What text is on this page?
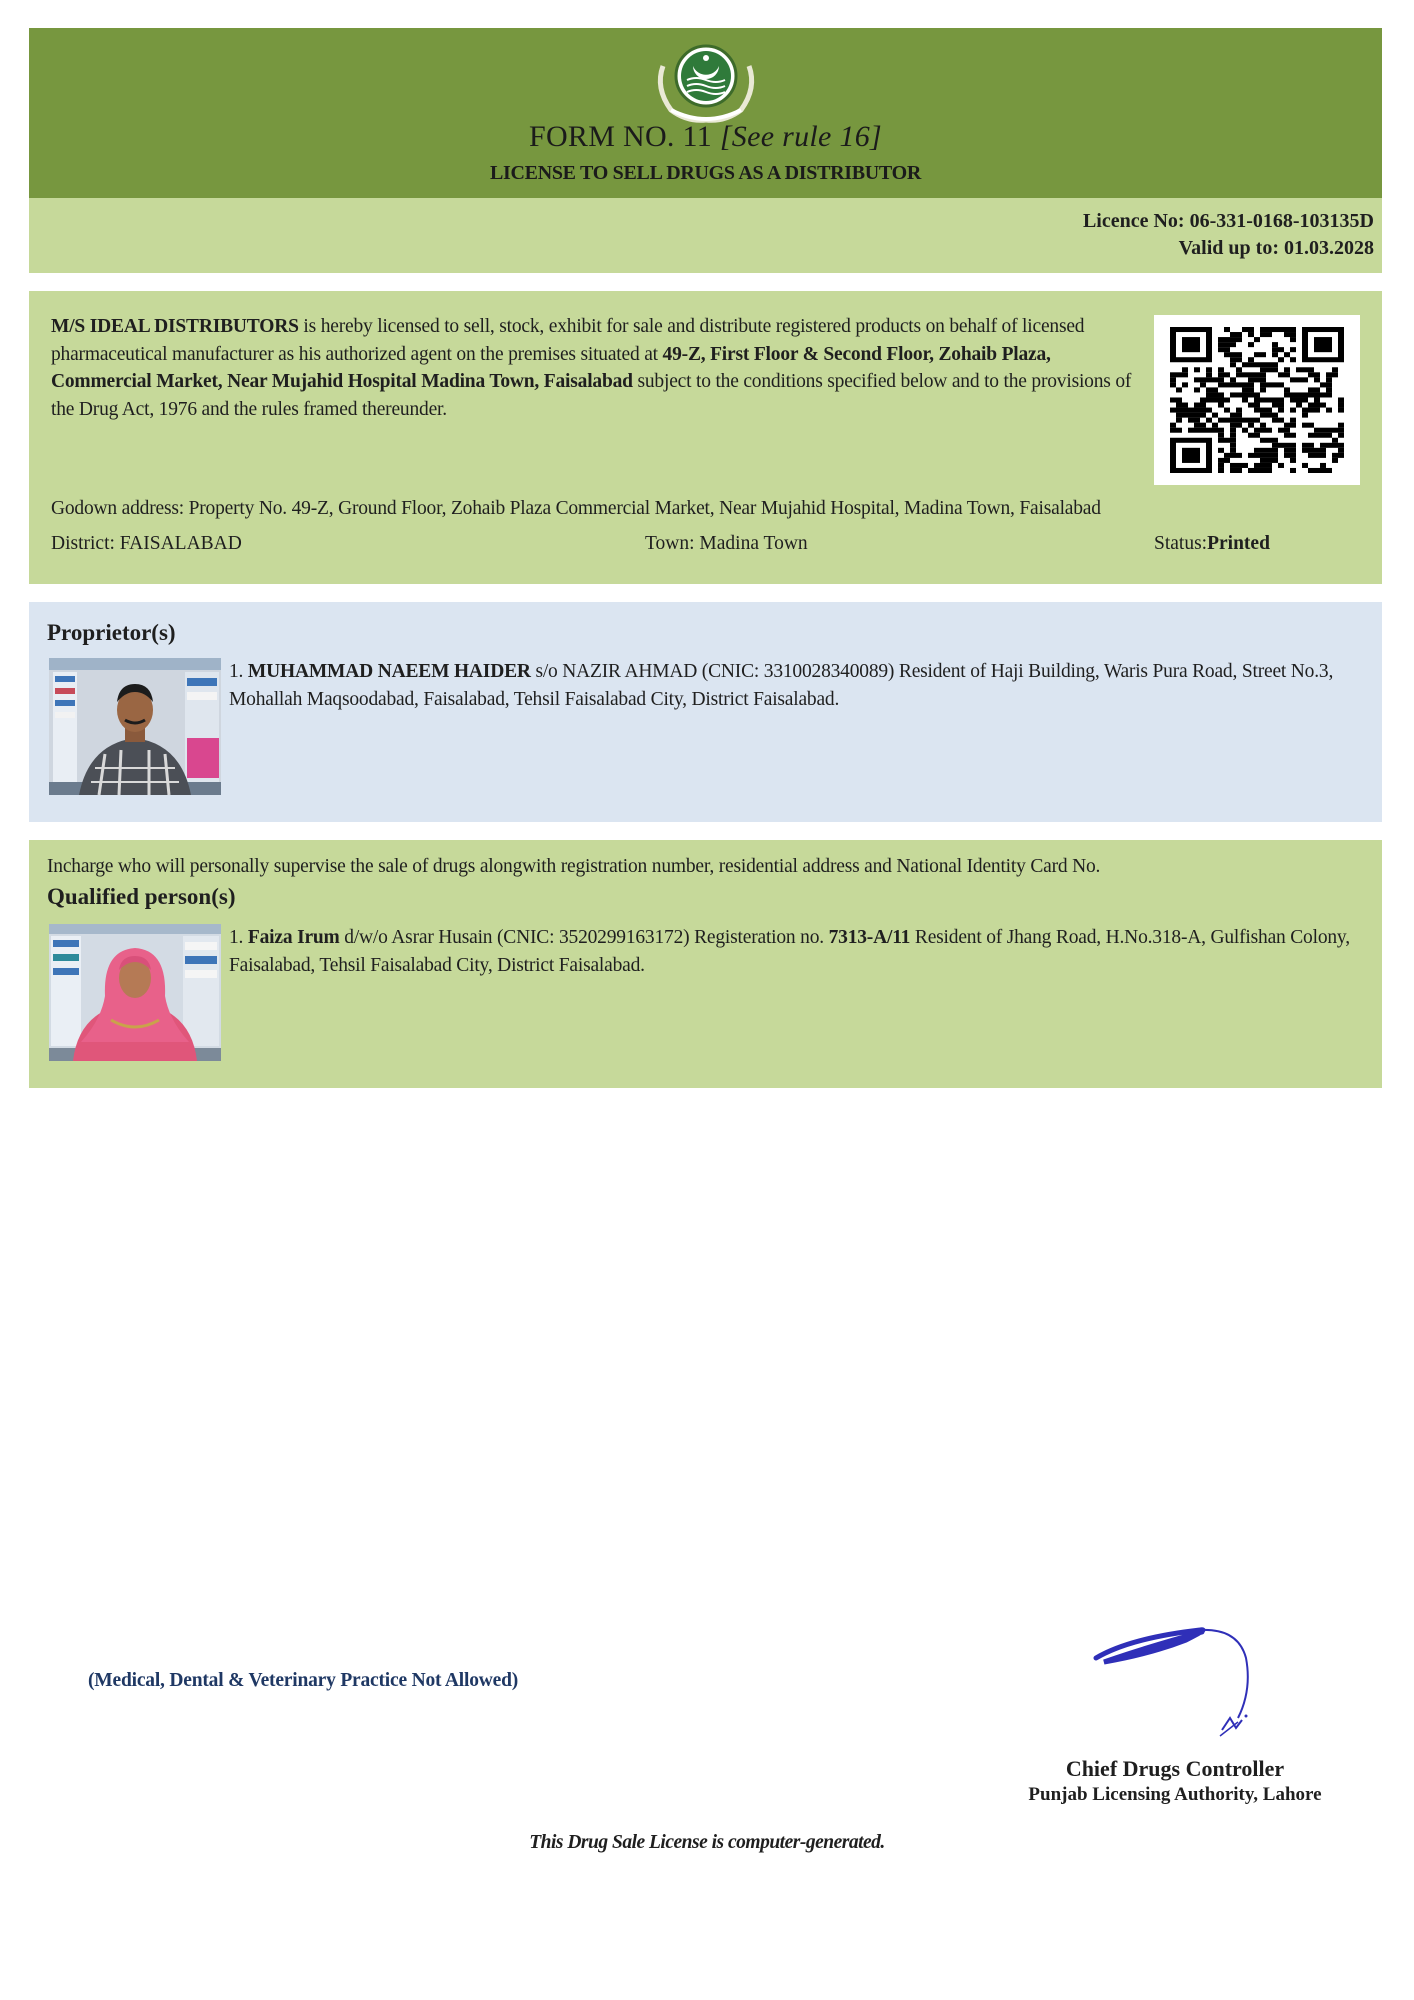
FORM NO. 11 [See rule 16]
LICENSE TO SELL DRUGS AS A DISTRIBUTOR
Licence No: 06-331-0168-103135D
Valid up to: 01.03.2028
M/S IDEAL DISTRIBUTORS is hereby licensed to sell, stock, exhibit for sale and distribute registered products on behalf of licensed pharmaceutical manufacturer as his authorized agent on the premises situated at 49-Z, First Floor & Second Floor, Zohaib Plaza, Commercial Market, Near Mujahid Hospital Madina Town, Faisalabad subject to the conditions specified below and to the provisions of the Drug Act, 1976 and the rules framed thereunder.
Godown address: Property No. 49-Z, Ground Floor, Zohaib Plaza Commercial Market, Near Mujahid Hospital, Madina Town, Faisalabad
District: FAISALABAD	Town: Madina Town	Status:Printed
Proprietor(s)
1. MUHAMMAD NAEEM HAIDER s/o NAZIR AHMAD (CNIC: 3310028340089) Resident of Haji Building, Waris Pura Road, Street No.3, Mohallah Maqsoodabad, Faisalabad, Tehsil Faisalabad City, District Faisalabad.
Incharge who will personally supervise the sale of drugs alongwith registration number, residential address and National Identity Card No.
Qualified person(s)
1. Faiza Irum d/w/o Asrar Husain (CNIC: 3520299163172) Registeration no. 7313-A/11 Resident of Jhang Road, H.No.318-A, Gulfishan Colony, Faisalabad, Tehsil Faisalabad City, District Faisalabad.
(Medical, Dental & Veterinary Practice Not Allowed)
Chief Drugs Controller
Punjab Licensing Authority, Lahore
This Drug Sale License is computer-generated.
